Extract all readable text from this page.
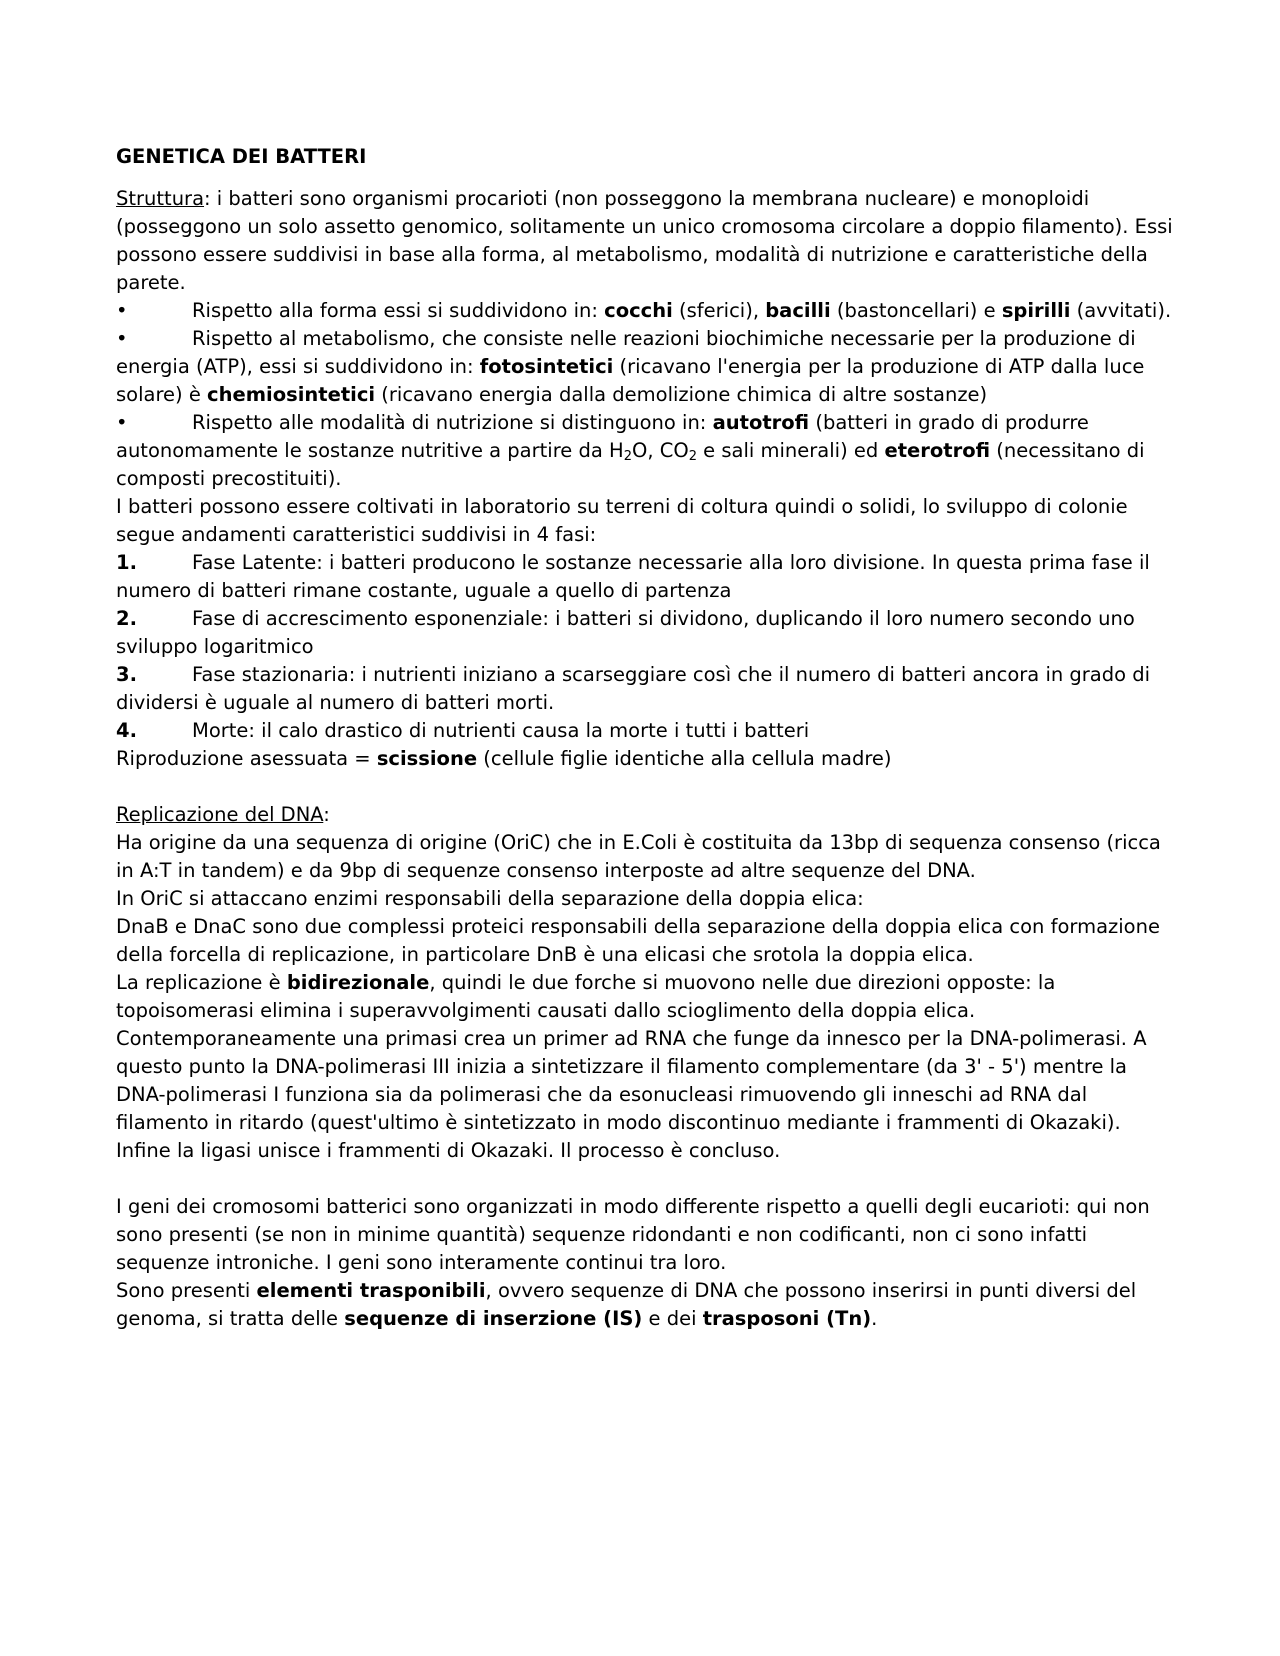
GENETICA DEI BATTERI

Struttura: i batteri sono organismi procarioti (non posseggono la membrana nucleare) e monoploidi (posseggono un solo assetto genomico, solitamente un unico cromosoma circolare a doppio filamento). Essi possono essere suddivisi in base alla forma, al metabolismo, modalità di nutrizione e caratteristiche della parete.

•	Rispetto alla forma essi si suddividono in: cocchi (sferici), bacilli (bastoncellari) e spirilli (avvitati).

•	Rispetto al metabolismo, che consiste nelle reazioni biochimiche necessarie per la produzione di energia (ATP), essi si suddividono in: fotosintetici (ricavano l'energia per la produzione di ATP dalla luce solare) è chemiosintetici (ricavano energia dalla demolizione chimica di altre sostanze)

•	Rispetto alle modalità di nutrizione si distinguono in: autotrofi (batteri in grado di produrre autonomamente le sostanze nutritive a partire da $H_2O$, $CO_2$ e sali minerali) ed eterotrofi (necessitano di composti precostituiti).

I batteri possono essere coltivati in laboratorio su terreni di coltura quindi o solidi, lo sviluppo di colonie segue andamenti caratteristici suddivisi in 4 fasi:

1.	Fase Latente: i batteri producono le sostanze necessarie alla loro divisione. In questa prima fase il numero di batteri rimane costante, uguale a quello di partenza

2.	Fase di accrescimento esponenziale: i batteri si dividono, duplicando il loro numero secondo uno sviluppo logaritmico

3.	Fase stazionaria: i nutrienti iniziano a scarseggiare così che il numero di batteri ancora in grado di dividersi è uguale al numero di batteri morti.

4.	Morte: il calo drastico di nutrienti causa la morte i tutti i batteri

Riproduzione asessuata = scissione (cellule figlie identiche alla cellula madre)

Replicazione del DNA:

Ha origine da una sequenza di origine (OriC) che in E.Coli è costituita da 13bp di sequenza consenso (ricca in A:T in tandem) e da 9bp di sequenze consenso interposte ad altre sequenze del DNA.

In OriC si attaccano enzimi responsabili della separazione della doppia elica:

DnaB e DnaC sono due complessi proteici responsabili della separazione della doppia elica con formazione della forcella di replicazione, in particolare DnB è una elicasi che srotola la doppia elica.

La replicazione è bidirezionale, quindi le due forche si muovono nelle due direzioni opposte: la topoisomerasi elimina i superavvolgimenti causati dallo scioglimento della doppia elica. Contemporaneamente una primasi crea un primer ad RNA che funge da innesco per la DNA-polimerasi. A questo punto la DNA-polimerasi III inizia a sintetizzare il filamento complementare (da 3' - 5') mentre la DNA-polimerasi I funziona sia da polimerasi che da esonucleasi rimuovendo gli inneschi ad RNA dal filamento in ritardo (quest'ultimo è sintetizzato in modo discontinuo mediante i frammenti di Okazaki). Infine la ligasi unisce i frammenti di Okazaki. Il processo è concluso.

I geni dei cromosomi batterici sono organizzati in modo differente rispetto a quelli degli eucarioti: qui non sono presenti (se non in minime quantità) sequenze ridondanti e non codificanti, non ci sono infatti sequenze introniche. I geni sono interamente continui tra loro.

Sono presenti elementi trasponibili, ovvero sequenze di DNA che possono inserirsi in punti diversi del genoma, si tratta delle sequenze di inserzione (IS) e dei trasposoni (Tn).
